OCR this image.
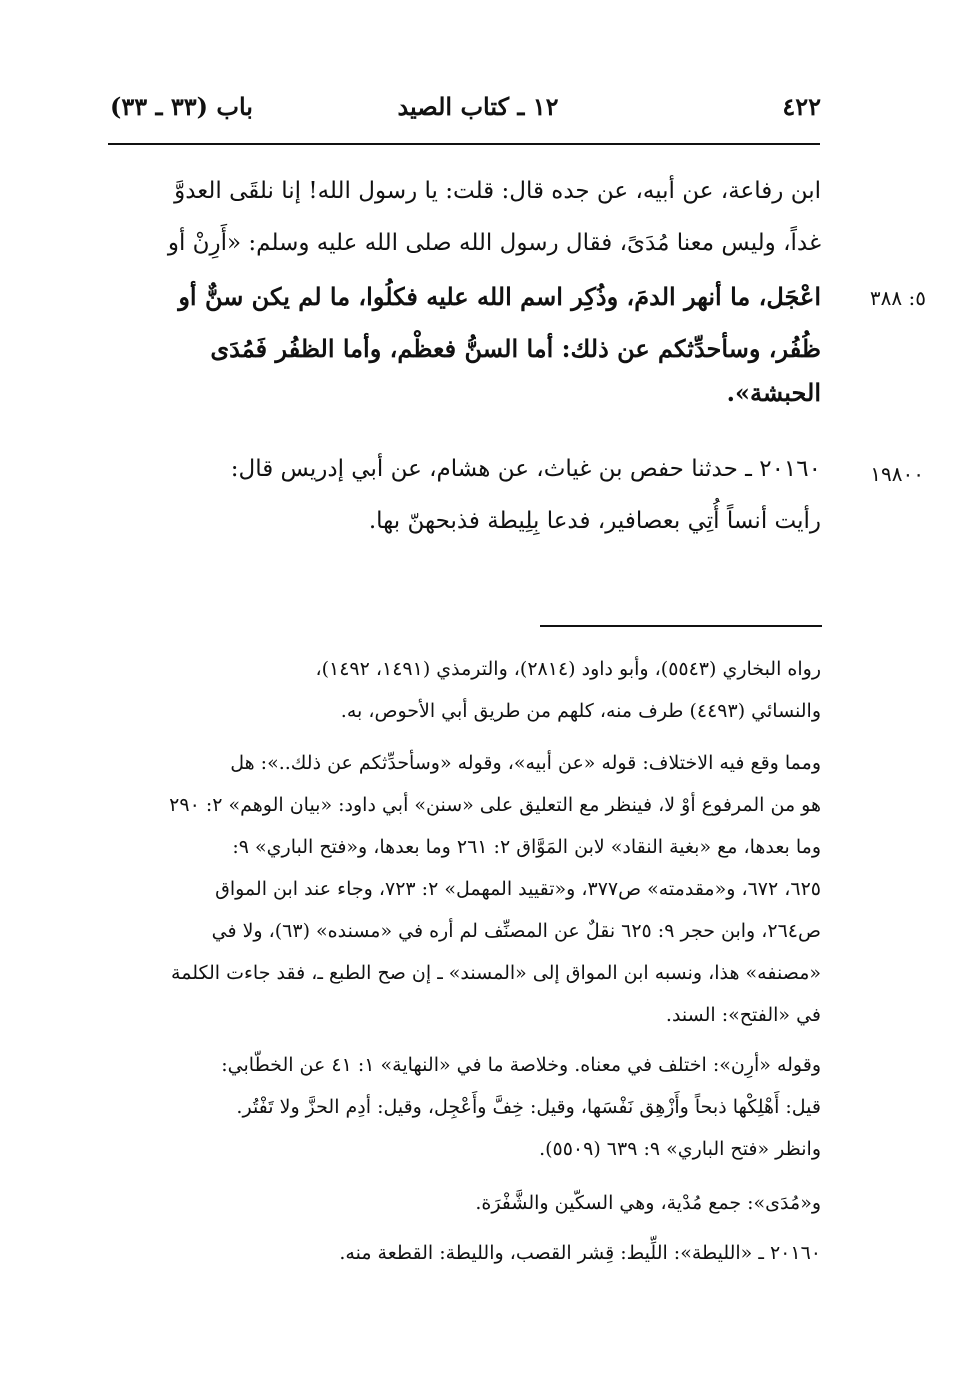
٤٢٢
١٢ ـ كتاب الصيد
باب (٣٣ ـ ٣٣)
ابن رفاعة، عن أبيه، عن جده قال: قلت: يا رسول الله! إنا نلقَى العدوَّ
غداً، وليس معنا مُدَىً، فقال رسول الله صلى الله عليه وسلم: «أَرِنْ أو
اعْجَل، ما أنهر الدمَ، وذُكِر اسم الله عليه فكلُوا، ما لم يكن سنٌّ أو
ظُفُر، وسأحدِّثكم عن ذلك: أما السنُّ فعظْم، وأما الظفُر فَمُدَى
الحبشة».
٥: ٣٨٨
١٩٨٠٠
٢٠١٦٠ ـ حدثنا حفص بن غياث، عن هشام، عن أبي إدريس قال:
رأيت أنساً أُتِي بعصافير، فدعا بِلِيطة فذبحهنّ بها.
رواه البخاري (٥٥٤٣)، وأبو داود (٢٨١٤)، والترمذي (١٤٩١، ١٤٩٢)،
والنسائي (٤٤٩٣) طرف منه، كلهم من طريق أبي الأحوص، به.
ومما وقع فيه الاختلاف: قوله «عن أبيه»، وقوله «وسأحدِّثكم عن ذلك..»: هل
هو من المرفوع أوْ لا، فينظر مع التعليق على «سنن» أبي داود: «بيان الوهم» ٢: ٢٩٠
وما بعدها، مع «بغية النقاد» لابن المَوَّاق ٢: ٢٦١ وما بعدها، و«فتح الباري» ٩:
٦٢٥، ٦٧٢، و«مقدمته» ص٣٧٧، و«تقييد المهمل» ٢: ٧٢٣، وجاء عند ابن المواق
ص٢٦٤، وابن حجر ٩: ٦٢٥ نقلٌ عن المصنِّف لم أره في «مسنده» (٦٣)، ولا في
«مصنفه» هذا، ونسبه ابن المواق إلى «المسند» ـ إن صح الطبع ـ، فقد جاءت الكلمة
في «الفتح»: السند.
وقوله «أرِن»: اختلف في معناه. وخلاصة ما في «النهاية» ١: ٤١ عن الخطّابي:
قيل: أَهْلِكْها ذبحاً وأَزْهِق نَفْسَها، وقيل: خِفَّ وأَعْجِل، وقيل: أدِم الحزَّ ولا تَفْتُر.
وانظر «فتح الباري» ٩: ٦٣٩ (٥٥٠٩).
و«مُدَى»: جمع مُدْية، وهي السكّين والشَّفْرَة.
٢٠١٦٠ ـ «الليطة»: اللِّيط: قِشر القصب، والليطة: القطعة منه.
